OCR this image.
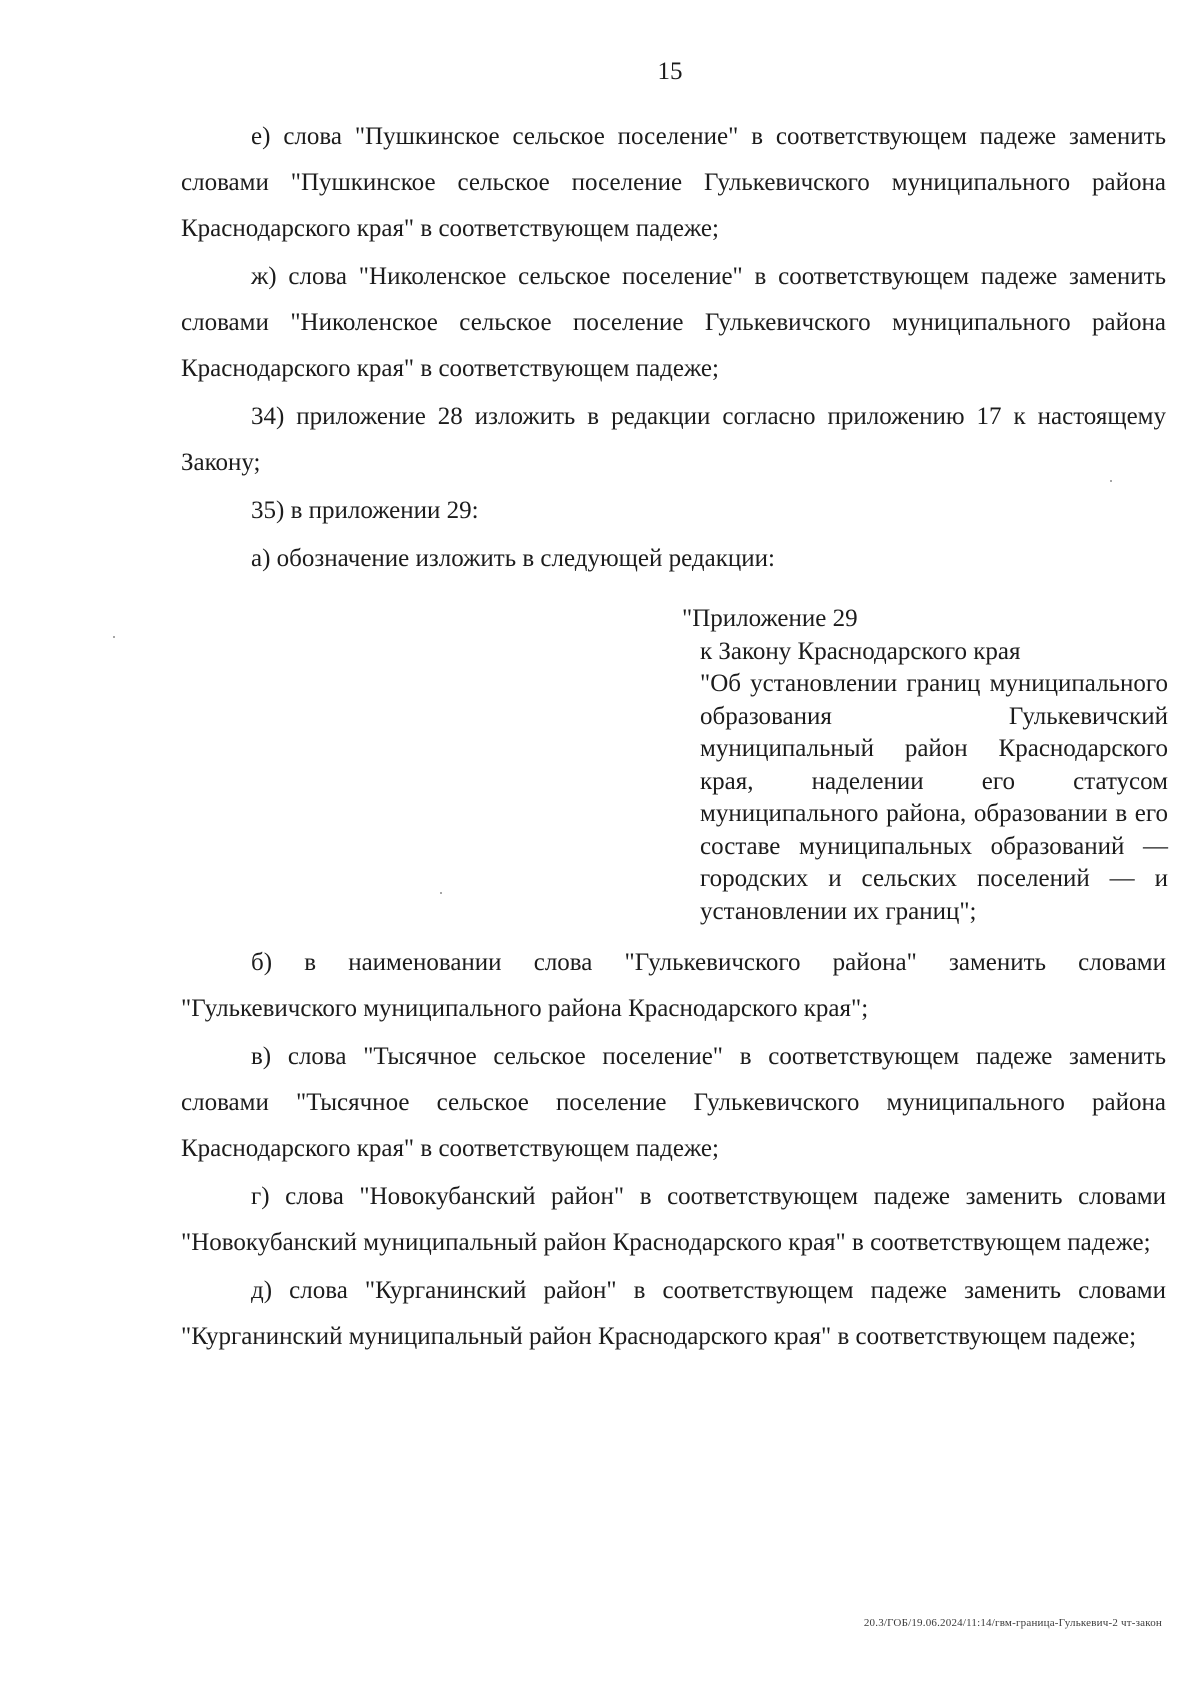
15

е) слова "Пушкинское сельское поселение" в соответствующем падеже заменить словами "Пушкинское сельское поселение Гулькевичского муниципального района Краснодарского края" в соответствующем падеже;

ж) слова "Николенское сельское поселение" в соответствующем падеже заменить словами "Николенское сельское поселение Гулькевичского муниципального района Краснодарского края" в соответствующем падеже;

34) приложение 28 изложить в редакции согласно приложению 17 к настоящему Закону;

35) в приложении 29:

а) обозначение изложить в следующей редакции:

"Приложение 29

к Закону Краснодарского края

"Об установлении границ муниципального образования Гулькевичский муниципальный район Краснодарского края, наделении его статусом муниципального района, образовании в его составе муниципальных образований — городских и сельских поселений — и установлении их границ";

б) в наименовании слова "Гулькевичского района" заменить словами "Гулькевичского муниципального района Краснодарского края";

в) слова "Тысячное сельское поселение" в соответствующем падеже заменить словами "Тысячное сельское поселение Гулькевичского муниципального района Краснодарского края" в соответствующем падеже;

г) слова "Новокубанский район" в соответствующем падеже заменить словами "Новокубанский муниципальный район Краснодарского края" в соответствующем падеже;

д) слова "Курганинский район" в соответствующем падеже заменить словами "Курганинский муниципальный район Краснодарского края" в соответствующем падеже;

20.3/ГОБ/19.06.2024/11:14/гвм-граница-Гулькевич-2 чт-закон
